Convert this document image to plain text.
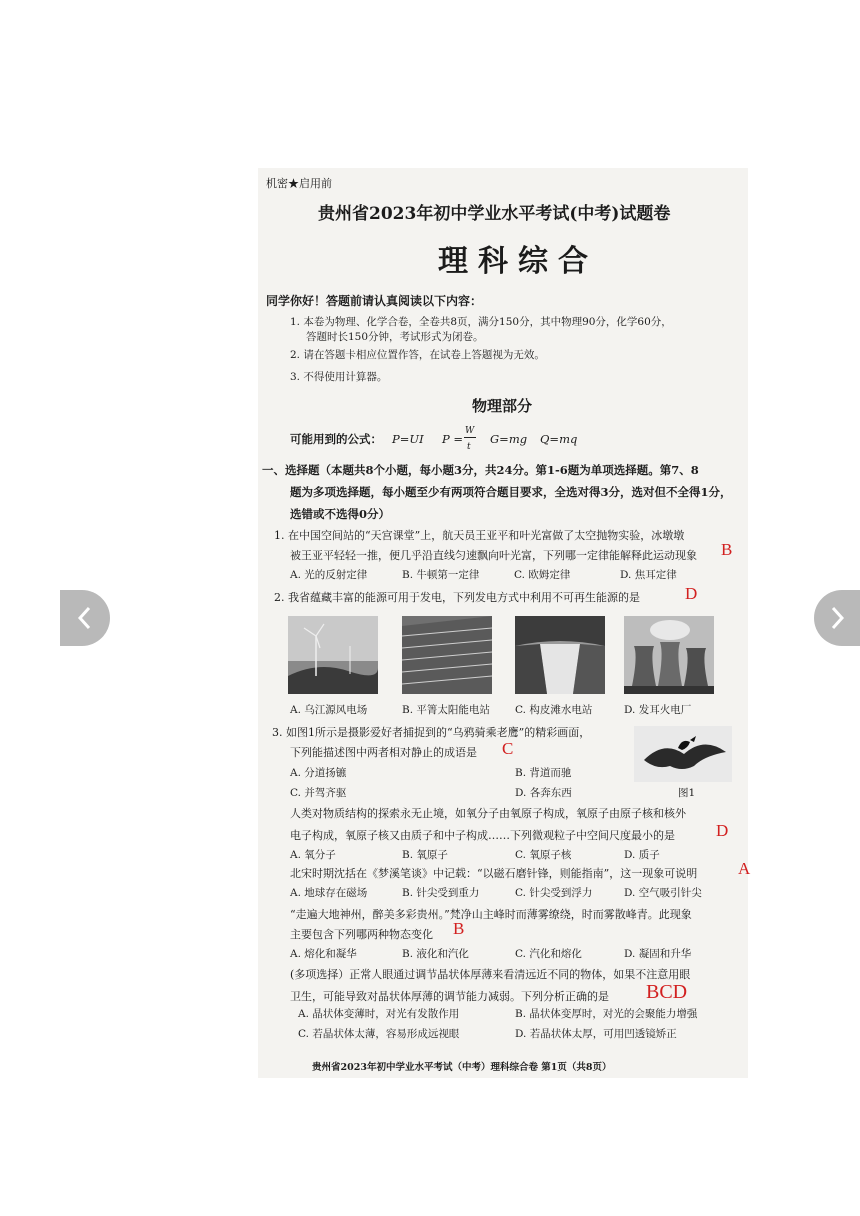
机密★启用前
贵州省2023年初中学业水平考试(中考)试题卷
理科综合
同学你好！答题前请认真阅读以下内容：
1. 本卷为物理、化学合卷，全卷共8页，满分150分，其中物理90分，化学60分，
答题时长150分钟，考试形式为闭卷。
2. 请在答题卡相应位置作答，在试卷上答题视为无效。
3. 不得使用计算器。
物理部分
可能用到的公式： P=UI P =
W
t
G=mg Q=mq
一、选择题（本题共8个小题，每小题3分，共24分。第1-6题为单项选择题。第7、8
题为多项选择题，每小题至少有两项符合题目要求，全选对得3分，选对但不全得1分，
选错或不选得0分）
1. 在中国空间站的“天宫课堂”上，航天员王亚平和叶光富做了太空抛物实验，冰墩墩
被王亚平轻轻一推，便几乎沿直线匀速飘向叶光富，下列哪一定律能解释此运动现象 B
A. 光的反射定律	B. 牛顿第一定律	C. 欧姆定律	D. 焦耳定律
2. 我省蕴藏丰富的能源可用于发电，下列发电方式中利用不可再生能源的是	D
A. 乌江源风电场	B. 平箐太阳能电站 C. 构皮滩水电站	D. 发耳火电厂
3. 如图1所示是摄影爱好者捕捉到的“乌鸦骑乘老鹰”的精彩画面，
下列能描述图中两者相对静止的成语是 C
A. 分道扬镳	B. 背道而驰
C. 并驾齐驱	D. 各奔东西	图1
人类对物质结构的探索永无止境，如氧分子由氧原子构成，氧原子由原子核和核外
电子构成，氧原子核又由质子和中子构成……下列微观粒子中空间尺度最小的是 D
A. 氧分子	B. 氧原子	C. 氧原子核	D. 质子
北宋时期沈括在《梦溪笔谈》中记载：“以磁石磨针锋，则能指南”，这一现象可说明 A
A. 地球存在磁场	B. 针尖受到重力	C. 针尖受到浮力	D. 空气吸引针尖
“走遍大地神州，醉美多彩贵州。”梵净山主峰时而薄雾缭绕，时而雾散峰青。此现象
主要包含下列哪两种物态变化 B
A. 熔化和凝华	B. 液化和汽化	C. 汽化和熔化	D. 凝固和升华
(多项选择）正常人眼通过调节晶状体厚薄来看清远近不同的物体，如果不注意用眼
卫生，可能导致对晶状体厚薄的调节能力减弱。下列分析正确的是 BCD
A. 晶状体变薄时，对光有发散作用	B. 晶状体变厚时，对光的会聚能力增强
C. 若晶状体太薄，容易形成远视眼	D. 若晶状体太厚，可用凹透镜矫正
贵州省2023年初中学业水平考试（中考）理科综合卷 第1页（共8页）
